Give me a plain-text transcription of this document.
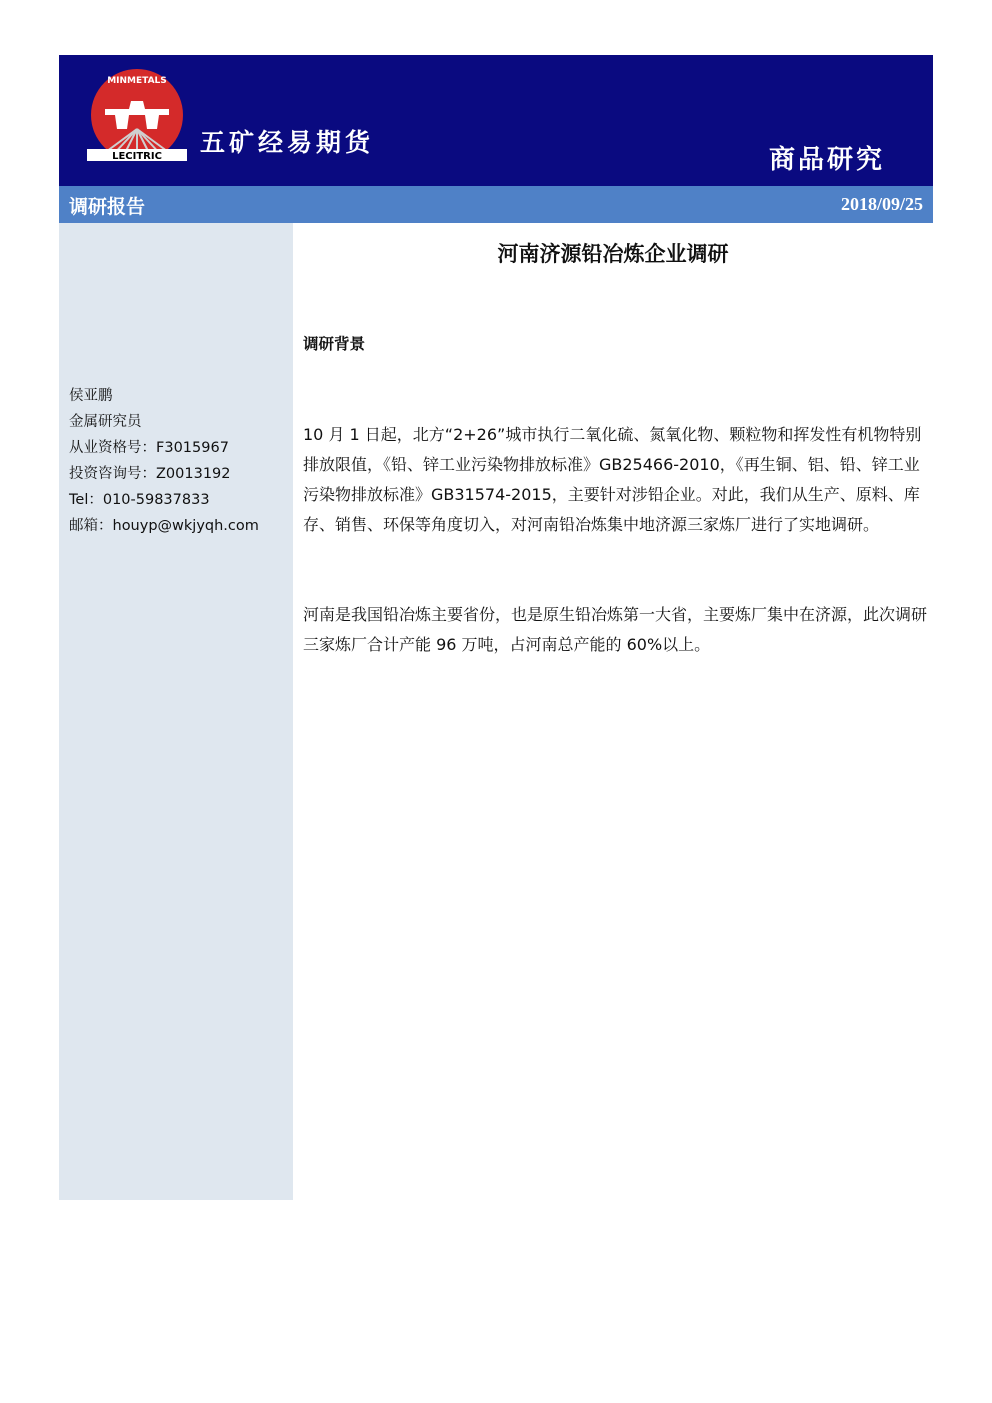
LECITRIC
MINMETALS
五矿经易期货
商品研究
调研报告	2018/09/25
侯亚鹏
金属研究员
从业资格号：F3015967
投资咨询号：Z0013192
Tel：010-59837833
邮箱：houyp@wkjyqh.com
河南济源铅冶炼企业调研
调研背景

10 月 1 日起，北方“2+26”城市执行二氧化硫、氮氧化物、颗粒物和挥发性有机物特别排放限值，《铅、锌工业污染物排放标准》GB25466-2010，《再生铜、铝、铅、锌工业污染物排放标准》GB31574-2015，主要针对涉铅企业。对此，我们从生产、原料、库存、销售、环保等角度切入，对河南铅冶炼集中地济源三家炼厂进行了实地调研。

河南是我国铅冶炼主要省份，也是原生铅冶炼第一大省，主要炼厂集中在济源，此次调研三家炼厂合计产能 96 万吨，占河南总产能的 60%以上。
